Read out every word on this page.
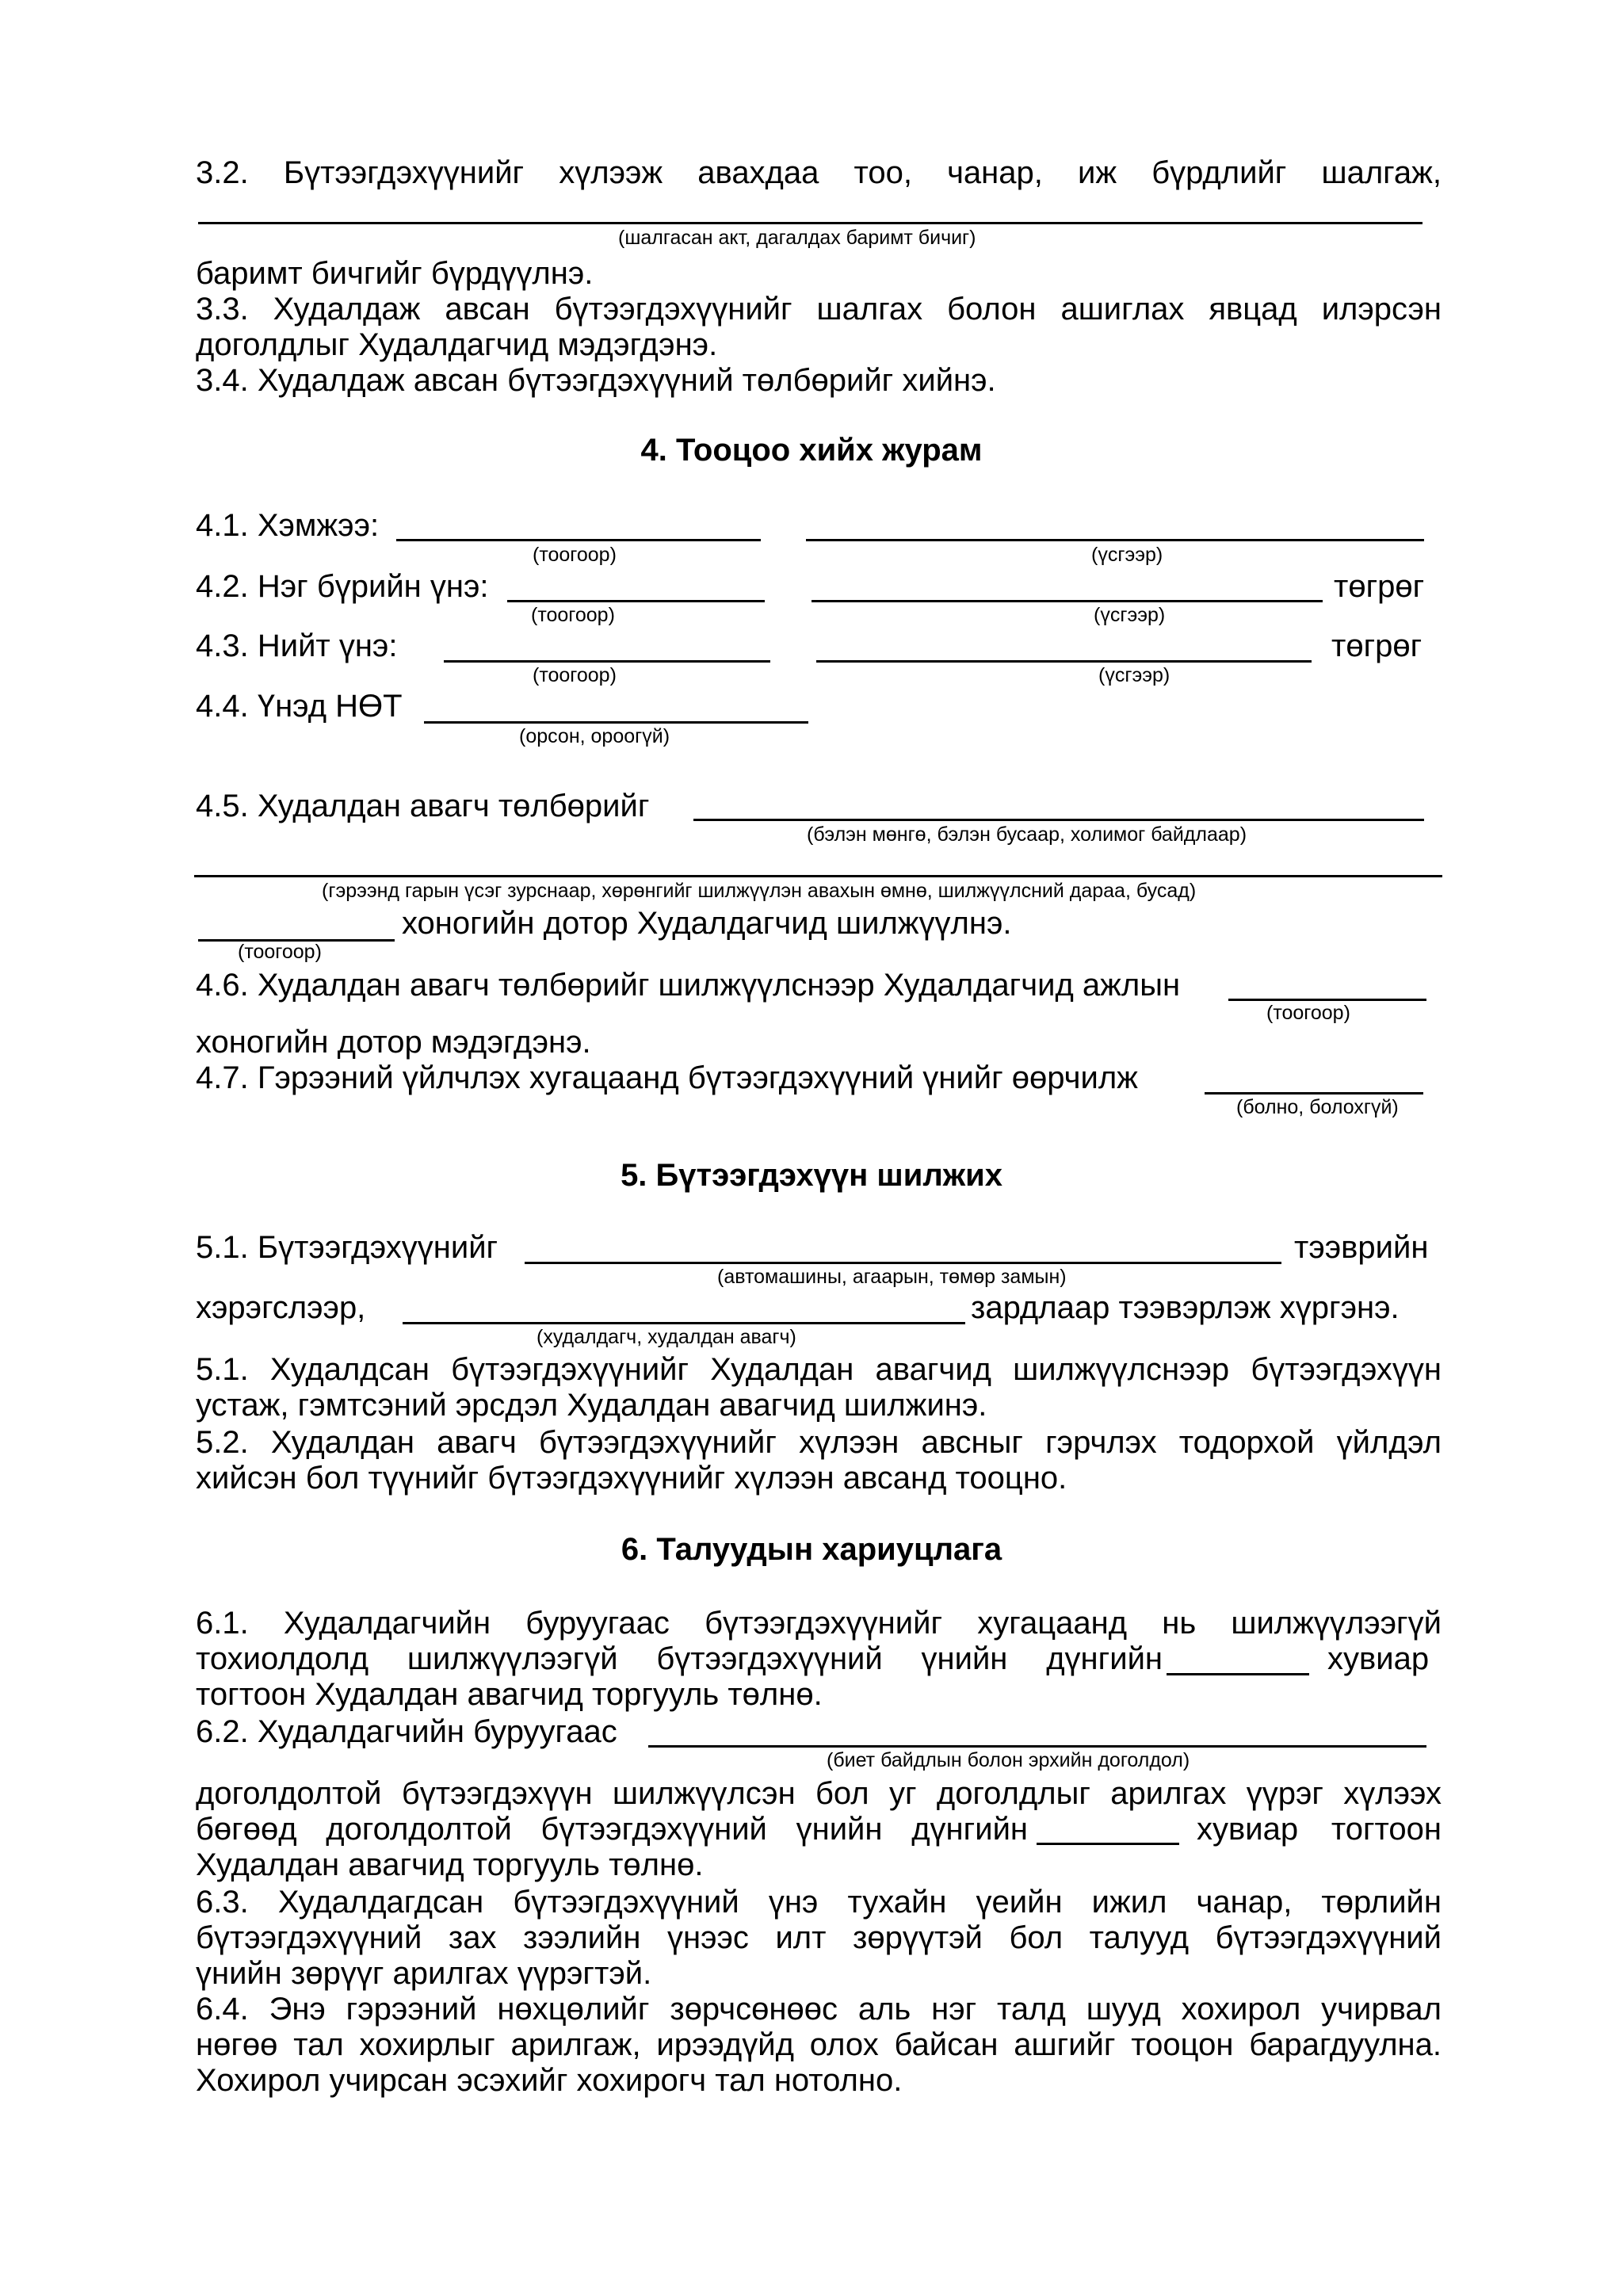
3.2. Бүтээгдэхүүнийг хүлээж авахдаа тоо, чанар, иж бүрдлийг шалгаж,
(шалгасан акт, дагалдах баримт бичиг)
баримт бичгийг бүрдүүлнэ.
3.3. Худалдаж авсан бүтээгдэхүүнийг шалгах болон ашиглах явцад илэрсэн
доголдлыг Худалдагчид мэдэгдэнэ.
3.4. Худалдаж авсан бүтээгдэхүүний төлбөрийг хийнэ.
4. Тооцоо хийх журам
4.1. Хэмжээ:
(тоогоор)	(үсгээр)
4.2. Нэг бүрийн үнэ:	төгрөг
(тоогоор)	(үсгээр)
4.3. Нийт үнэ:	төгрөг
(тоогоор)	(үсгээр)
4.4. Үнэд НӨТ
(орсон, ороогүй)
4.5. Худалдан авагч төлбөрийг
(бэлэн мөнгө, бэлэн бусаар, холимог байдлаар)
(гэрээнд гарын үсэг зурснаар, хөрөнгийг шилжүүлэн авахын өмнө, шилжүүлсний дараа, бусад)
хоногийн дотор Худалдагчид шилжүүлнэ.
(тоогоор)
4.6. Худалдан авагч төлбөрийг шилжүүлснээр Худалдагчид ажлын
(тоогоор)
хоногийн дотор мэдэгдэнэ.
4.7. Гэрээний үйлчлэх хугацаанд бүтээгдэхүүний үнийг өөрчилж
(болно, болохгүй)
5. Бүтээгдэхүүн шилжих
5.1. Бүтээгдэхүүнийг	тээврийн
(автомашины, агаарын, төмөр замын)
хэрэгслээр,	зардлаар тээвэрлэж хүргэнэ.
(худалдагч, худалдан авагч)
5.1. Худалдсан бүтээгдэхүүнийг Худалдан авагчид шилжүүлснээр бүтээгдэхүүн
устаж, гэмтсэний эрсдэл Худалдан авагчид шилжинэ.
5.2. Худалдан авагч бүтээгдэхүүнийг хүлээн авсныг гэрчлэх тодорхой үйлдэл
хийсэн бол түүнийг бүтээгдэхүүнийг хүлээн авсанд тооцно.
6. Талуудын хариуцлага
6.1. Худалдагчийн буруугаас бүтээгдэхүүнийг хугацаанд нь шилжүүлээгүй
тохиолдолд шилжүүлээгүй бүтээгдэхүүний үнийн дүнгийн	хувиар
тогтоон Худалдан авагчид торгууль төлнө.
6.2. Худалдагчийн буруугаас
(биет байдлын болон эрхийн доголдол)
доголдолтой бүтээгдэхүүн шилжүүлсэн бол уг доголдлыг арилгах үүрэг хүлээх
бөгөөд доголдолтой бүтээгдэхүүний үнийн дүнгийн	хувиар тогтоон
Худалдан авагчид торгууль төлнө.
6.3. Худалдагдсан бүтээгдэхүүний үнэ тухайн үеийн ижил чанар, төрлийн
бүтээгдэхүүний зах зээлийн үнээс илт зөрүүтэй бол талууд бүтээгдэхүүний
үнийн зөрүүг арилгах үүрэгтэй.
6.4. Энэ гэрээний нөхцөлийг зөрчсөнөөс аль нэг талд шууд хохирол учирвал
нөгөө тал хохирлыг арилгаж, ирээдүйд олох байсан ашгийг тооцон барагдуулна.
Хохирол учирсан эсэхийг хохирогч тал нотолно.
